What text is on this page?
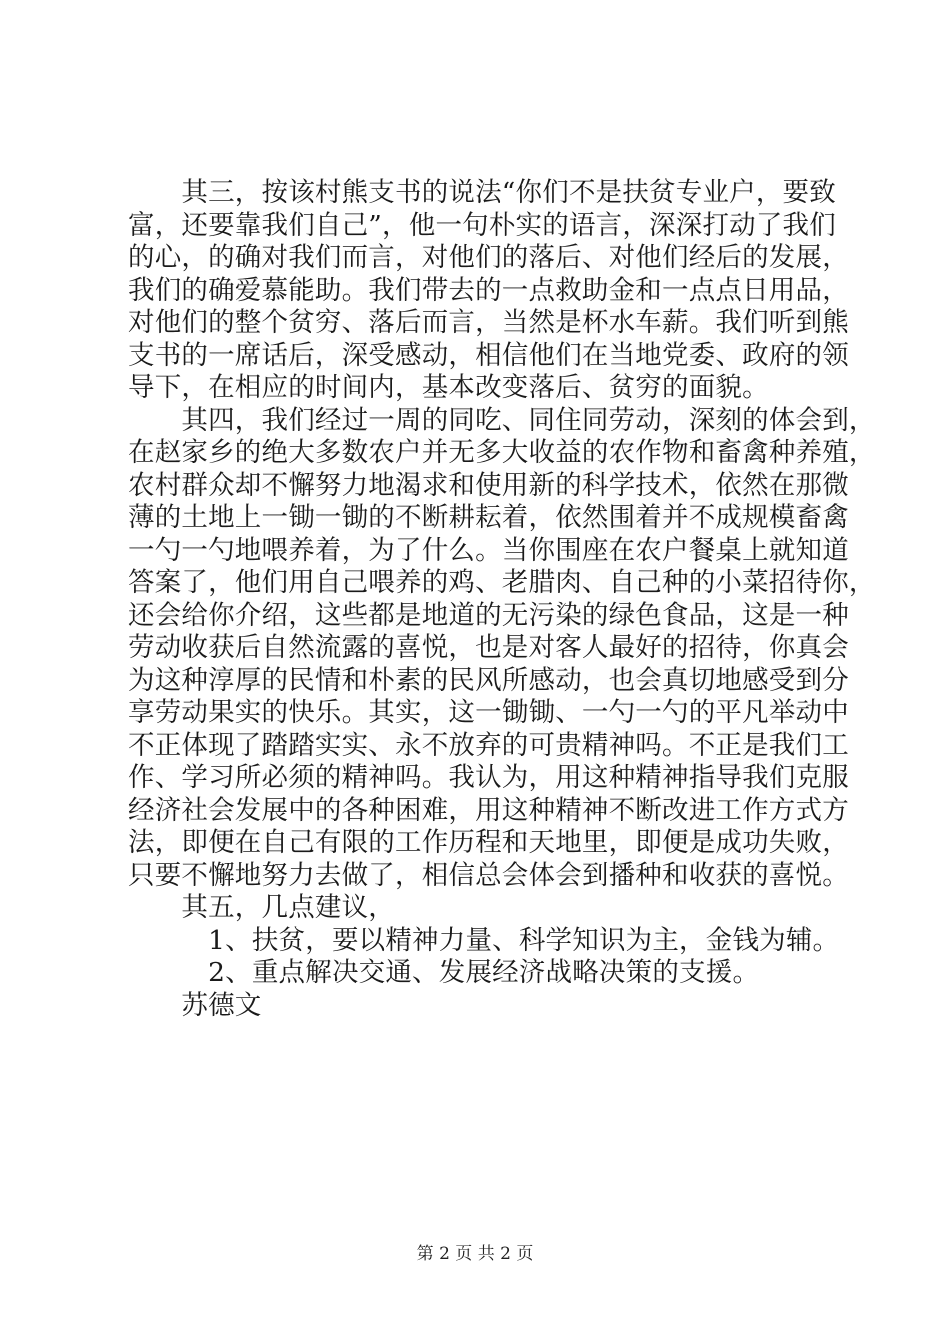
　　其三，按该村熊支书的说法“你们不是扶贫专业户，要致
富，还要靠我们自己”，他一句朴实的语言，深深打动了我们
的心，的确对我们而言，对他们的落后、对他们经后的发展，
我们的确爱慕能助。我们带去的一点救助金和一点点日用品，
对他们的整个贫穷、落后而言，当然是杯水车薪。我们听到熊
支书的一席话后，深受感动，相信他们在当地党委、政府的领
导下，在相应的时间内，基本改变落后、贫穷的面貌。
　　其四，我们经过一周的同吃、同住同劳动，深刻的体会到，
在赵家乡的绝大多数农户并无多大收益的农作物和畜禽种养殖，
农村群众却不懈努力地渴求和使用新的科学技术，依然在那微
薄的土地上一锄一锄的不断耕耘着，依然围着并不成规模畜禽
一勺一勺地喂养着，为了什么。当你围座在农户餐桌上就知道
答案了，他们用自己喂养的鸡、老腊肉、自己种的小菜招待你，
还会给你介绍，这些都是地道的无污染的绿色食品，这是一种
劳动收获后自然流露的喜悦，也是对客人最好的招待，你真会
为这种淳厚的民情和朴素的民风所感动，也会真切地感受到分
享劳动果实的快乐。其实，这一锄锄、一勺一勺的平凡举动中
不正体现了踏踏实实、永不放弃的可贵精神吗。不正是我们工
作、学习所必须的精神吗。我认为，用这种精神指导我们克服
经济社会发展中的各种困难，用这种精神不断改进工作方式方
法，即便在自己有限的工作历程和天地里，即便是成功失败，
只要不懈地努力去做了，相信总会体会到播种和收获的喜悦。
　　其五，几点建议，
　　　1、扶贫，要以精神力量、科学知识为主，金钱为辅。
　　　2、重点解决交通、发展经济战略决策的支援。
　　苏德文
第 2 页 共 2 页
